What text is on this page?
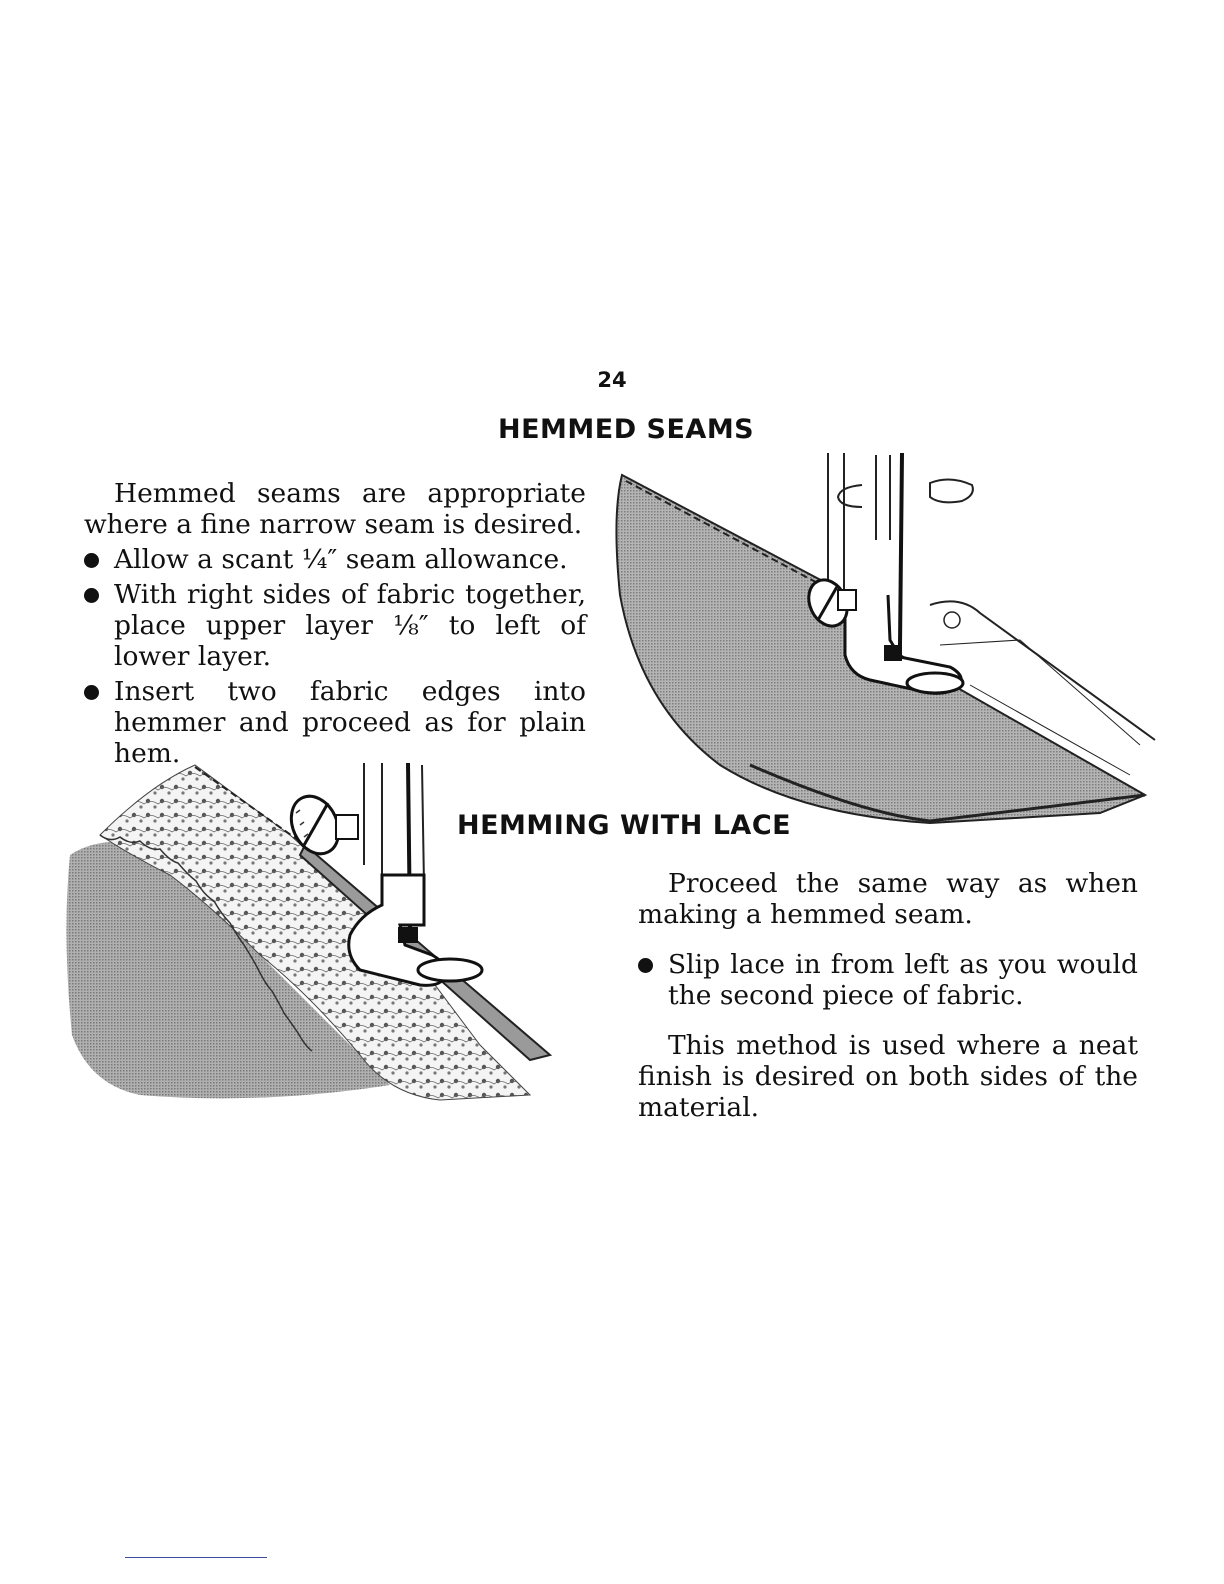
24
HEMMED SEAMS

Hemmed seams are appropriate where a fine narrow seam is desired.

Allow a scant ¼″ seam allowance.

With right sides of fabric together, place upper layer ⅛″ to left of lower layer.

Insert two fabric edges into hemmer and proceed as for plain hem.

HEMMING WITH LACE

Proceed the same way as when making a hemmed seam.

Slip lace in from left as you would the second piece of fabric.

This method is used where a neat finish is desired on both sides of the material.
